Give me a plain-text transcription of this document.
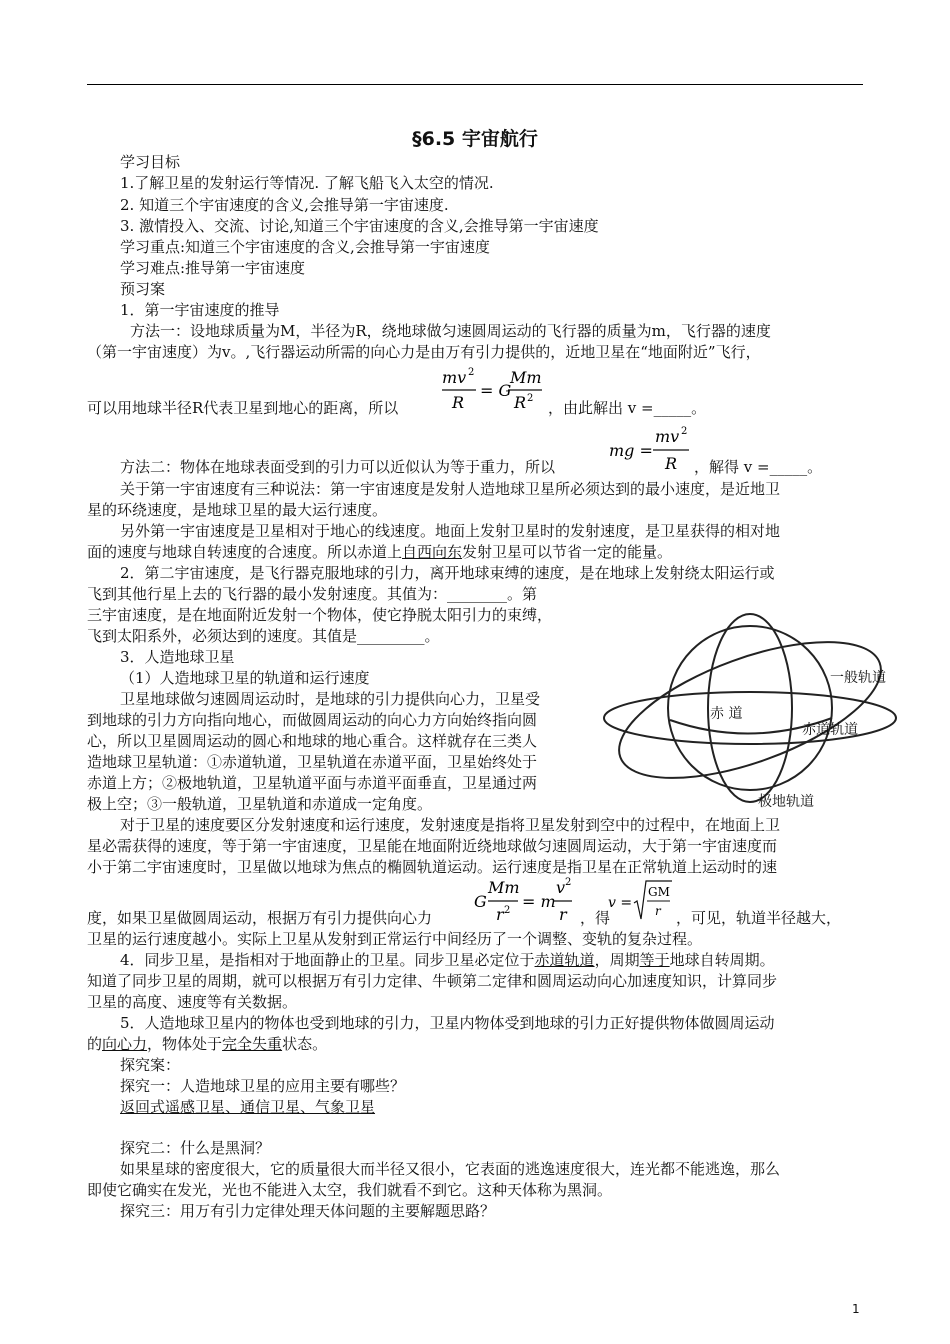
§6.5 宇宙航行
学习目标
1.了解卫星的发射运行等情况. 了解飞船飞入太空的情况.
2. 知道三个宇宙速度的含义,会推导第一宇宙速度.
3. 激情投入、交流、讨论,知道三个宇宙速度的含义,会推导第一宇宙速度
学习重点:知道三个宇宙速度的含义,会推导第一宇宙速度
学习难点:推导第一宇宙速度
预习案
1．第一宇宙速度的推导
方法一：设地球质量为M，半径为R，绕地球做匀速圆周运动的飞行器的质量为m，飞行器的速度
（第一宇宙速度）为v。,飞行器运动所需的向心力是由万有引力提供的，近地卫星在“地面附近”飞行，
可以用地球半径R代表卫星到地心的距离，所以
mv 2
R
= G
Mm
R 2
，由此解出 v =_____。
方法二：物体在地球表面受到的引力可以近似认为等于重力，所以
mg =
mv 2
R ，解得 v =_____。
关于第一宇宙速度有三种说法：第一宇宙速度是发射人造地球卫星所必须达到的最小速度，是近地卫
星的环绕速度，是地球卫星的最大运行速度。
另外第一宇宙速度是卫星相对于地心的线速度。地面上发射卫星时的发射速度，是卫星获得的相对地
面的速度与地球自转速度的合速度。所以赤道上自西向东发射卫星可以节省一定的能量。
2．第二宇宙速度，是飞行器克服地球的引力，离开地球束缚的速度，是在地球上发射绕太阳运行或
飞到其他行星上去的飞行器的最小发射速度。其值为：________。第
三宇宙速度，是在地面附近发射一个物体，使它挣脱太阳引力的束缚，
飞到太阳系外，必须达到的速度。其值是_________。
3．人造地球卫星
（1）人造地球卫星的轨道和运行速度
卫星地球做匀速圆周运动时，是地球的引力提供向心力，卫星受
到地球的引力方向指向地心，而做圆周运动的向心力方向始终指向圆
心，所以卫星圆周运动的圆心和地球的地心重合。这样就存在三类人
造地球卫星轨道：①赤道轨道，卫星轨道在赤道平面，卫星始终处于
赤道上方；②极地轨道，卫星轨道平面与赤道平面垂直，卫星通过两
极上空；③一般轨道，卫星轨道和赤道成一定角度。
一般轨道
赤 道
赤道轨道
极地轨道
对于卫星的速度要区分发射速度和运行速度，发射速度是指将卫星发射到空中的过程中，在地面上卫
星必需获得的速度，等于第一宇宙速度，卫星能在地面附近绕地球做匀速圆周运动，大于第一宇宙速度而
小于第二宇宙速度时，卫星做以地球为焦点的椭圆轨道运动。运行速度是指卫星在正常轨道上运动时的速
度，如果卫星做圆周运动，根据万有引力提供向心力
G
Mm
r 2 = m
v 2
r ，得
v =
GM
r ，可见，轨道半径越大，
卫星的运行速度越小。实际上卫星从发射到正常运行中间经历了一个调整、变轨的复杂过程。
4．同步卫星，是指相对于地面静止的卫星。同步卫星必定位于赤道轨道，周期等于地球自转周期。
知道了同步卫星的周期，就可以根据万有引力定律、牛顿第二定律和圆周运动向心加速度知识，计算同步
卫星的高度、速度等有关数据。
5．人造地球卫星内的物体也受到地球的引力，卫星内物体受到地球的引力正好提供物体做圆周运动
的向心力，物体处于完全失重状态。
探究案：
探究一：人造地球卫星的应用主要有哪些？
返回式遥感卫星、通信卫星、气象卫星
探究二：什么是黑洞？
如果星球的密度很大，它的质量很大而半径又很小，它表面的逃逸速度很大，连光都不能逃逸，那么
即使它确实在发光，光也不能进入太空，我们就看不到它。这种天体称为黑洞。
探究三：用万有引力定律处理天体问题的主要解题思路？
1
